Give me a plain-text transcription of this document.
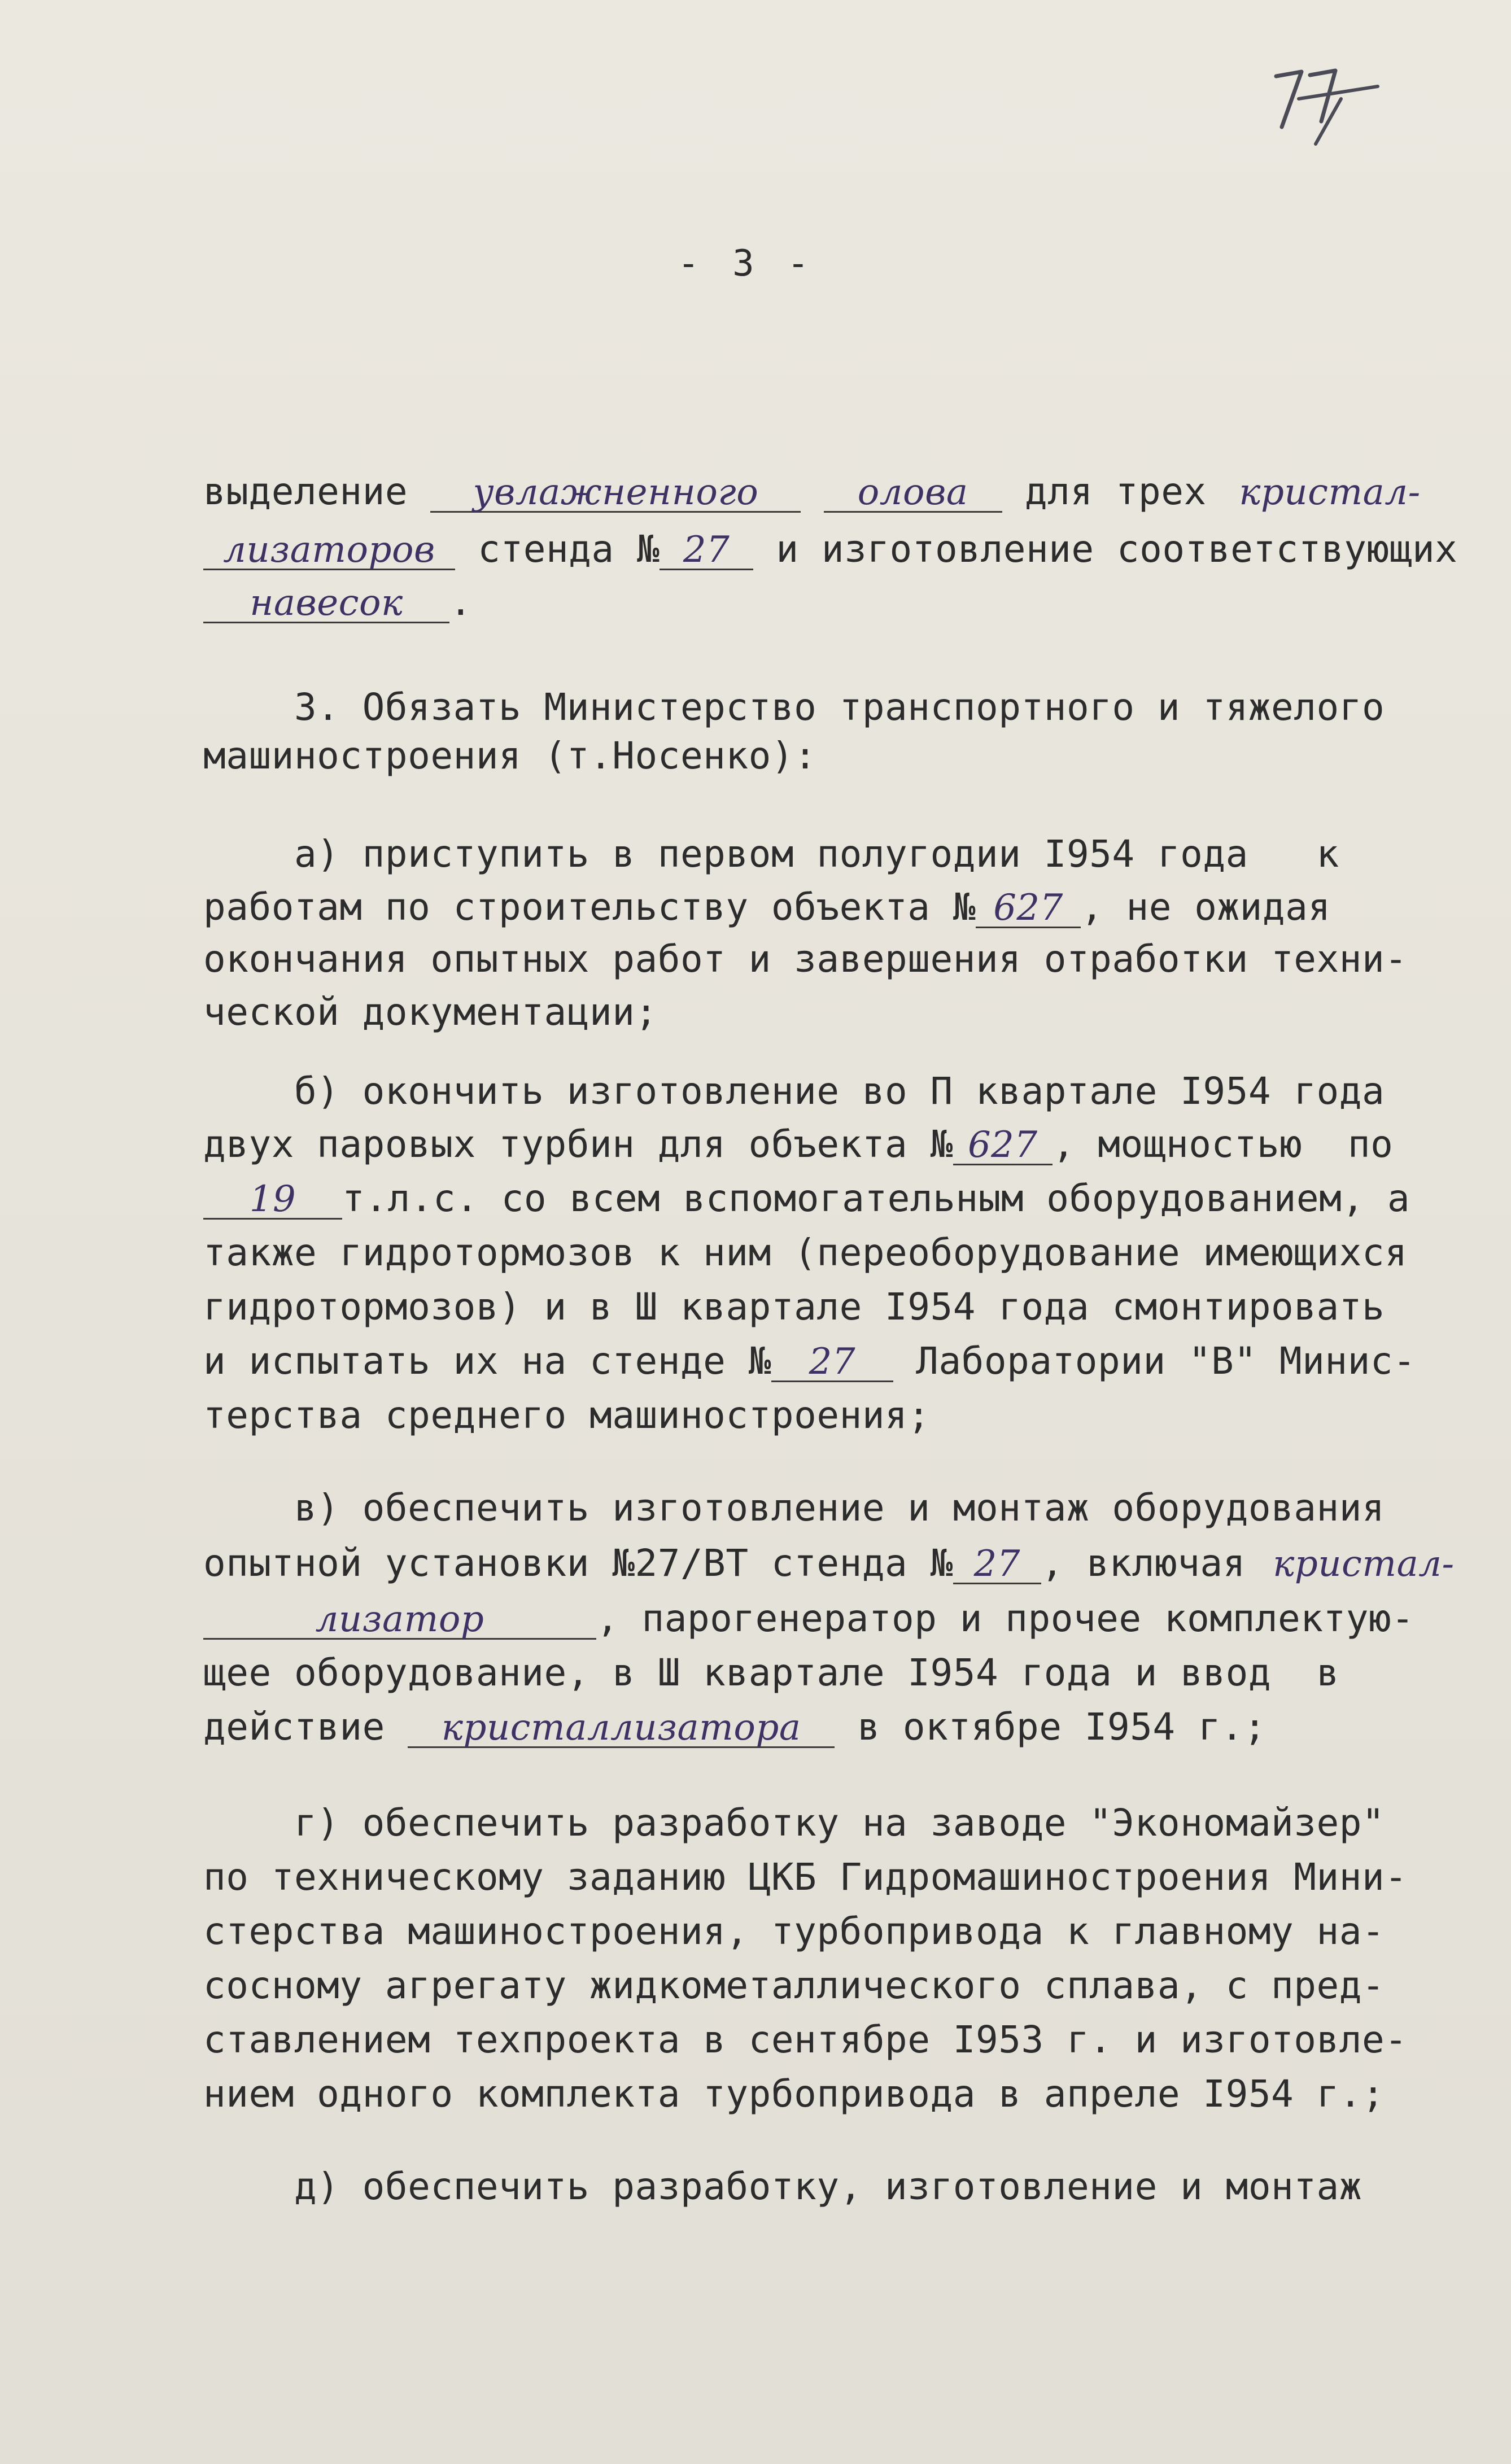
- 3 -
выделение увлажненного	олова для трех кристал-
лизаторов стенда № 27 и изготовление соответствующих
навесок .
3. Обязать Министерство транспортного и тяжелого
машиностроения (т.Носенко):
а) приступить в первом полугодии I954 года   к
работам по строительству объекта № 627 , не ожидая
окончания опытных работ и завершения отработки техни-
ческой документации;
б) окончить изготовление во П квартале I954 года
двух паровых турбин для объекта № 627 , мощностью  по
19 т.л.с. со всем вспомогательным оборудованием, а
также гидротормозов к ним (переоборудование имеющихся
гидротормозов) и в Ш квартале I954 года смонтировать
и испытать их на стенде № 27 Лаборатории "В" Минис-
терства среднего машиностроения;
в) обеспечить изготовление и монтаж оборудования
опытной установки №27/ВТ стенда № 27 , включая кристал-
лизатор	, парогенератор и прочее комплектую-
щее оборудование, в Ш квартале I954 года и ввод  в
действие кристаллизатора в октябре I954 г.;
г) обеспечить разработку на заводе "Экономайзер"
по техническому заданию ЦКБ Гидромашиностроения Мини-
стерства машиностроения, турбопривода к главному на-
сосному агрегату жидкометаллического сплава, с пред-
ставлением техпроекта в сентябре I953 г. и изготовле-
нием одного комплекта турбопривода в апреле I954 г.;
д) обеспечить разработку, изготовление и монтаж
